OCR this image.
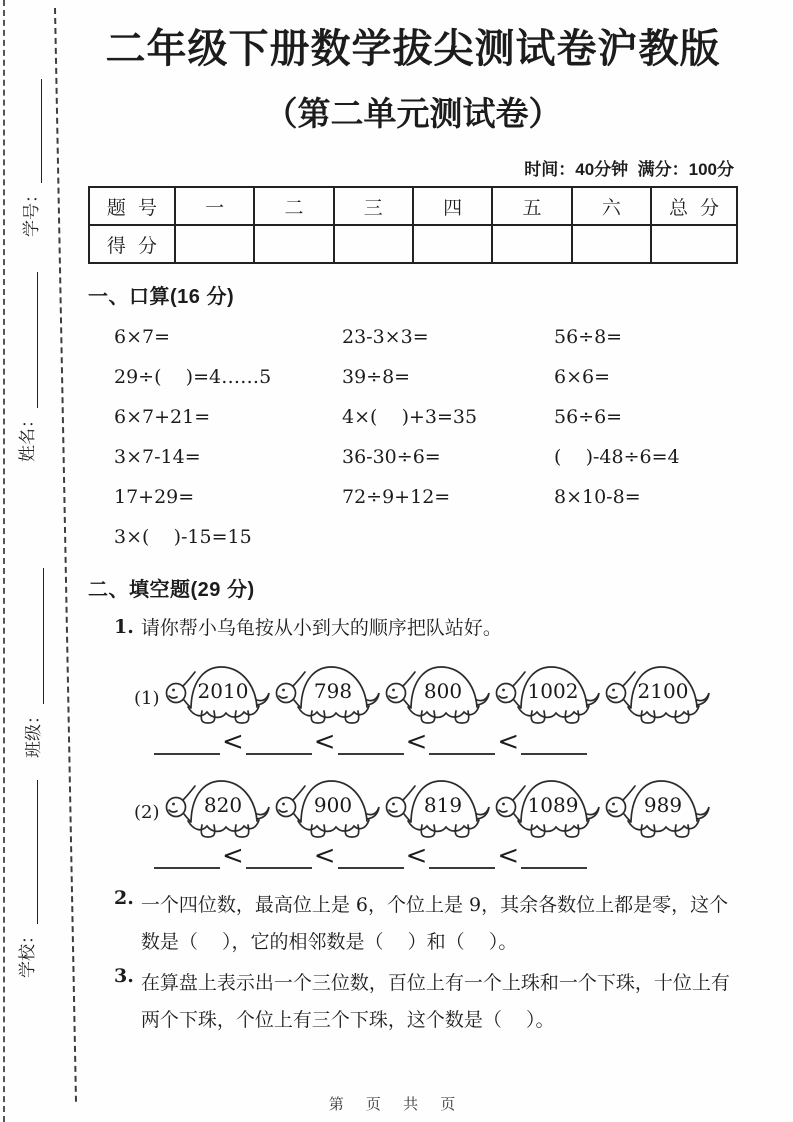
学号：
姓名：
班级：
学校：
二年级下册数学拔尖测试卷沪教版
（第二单元测试卷）
时间：40分钟  满分：100分
题  号	一	二	三	四	五	六	总  分
得  分							
一、口算(16 分)
6×7=	23-3×3=	56÷8=
29÷(    )=4……5	39÷8=	6×6=
6×7+21=	4×(    )+3=35	56÷6=
3×7-14=	36-30÷6=	(    )-48÷6=4
17+29=	72÷9+12=	8×10-8=
3×(    )-15=15
二、填空题(29 分)
1. 请你帮小乌龟按从小到大的顺序把队站好。
(1) 2010	798	800	1002	2100
<	<	<	<
(2) 820	900	819	1089	989
<	<	<	<
2. 一个四位数，最高位上是 6，个位上是 9，其余各数位上都是零，这个数是（    ），它的相邻数是（    ）和（    ）。
3. 在算盘上表示出一个三位数，百位上有一个上珠和一个下珠，十位上有两个下珠，个位上有三个下珠，这个数是（    ）。
第 页 共 页
